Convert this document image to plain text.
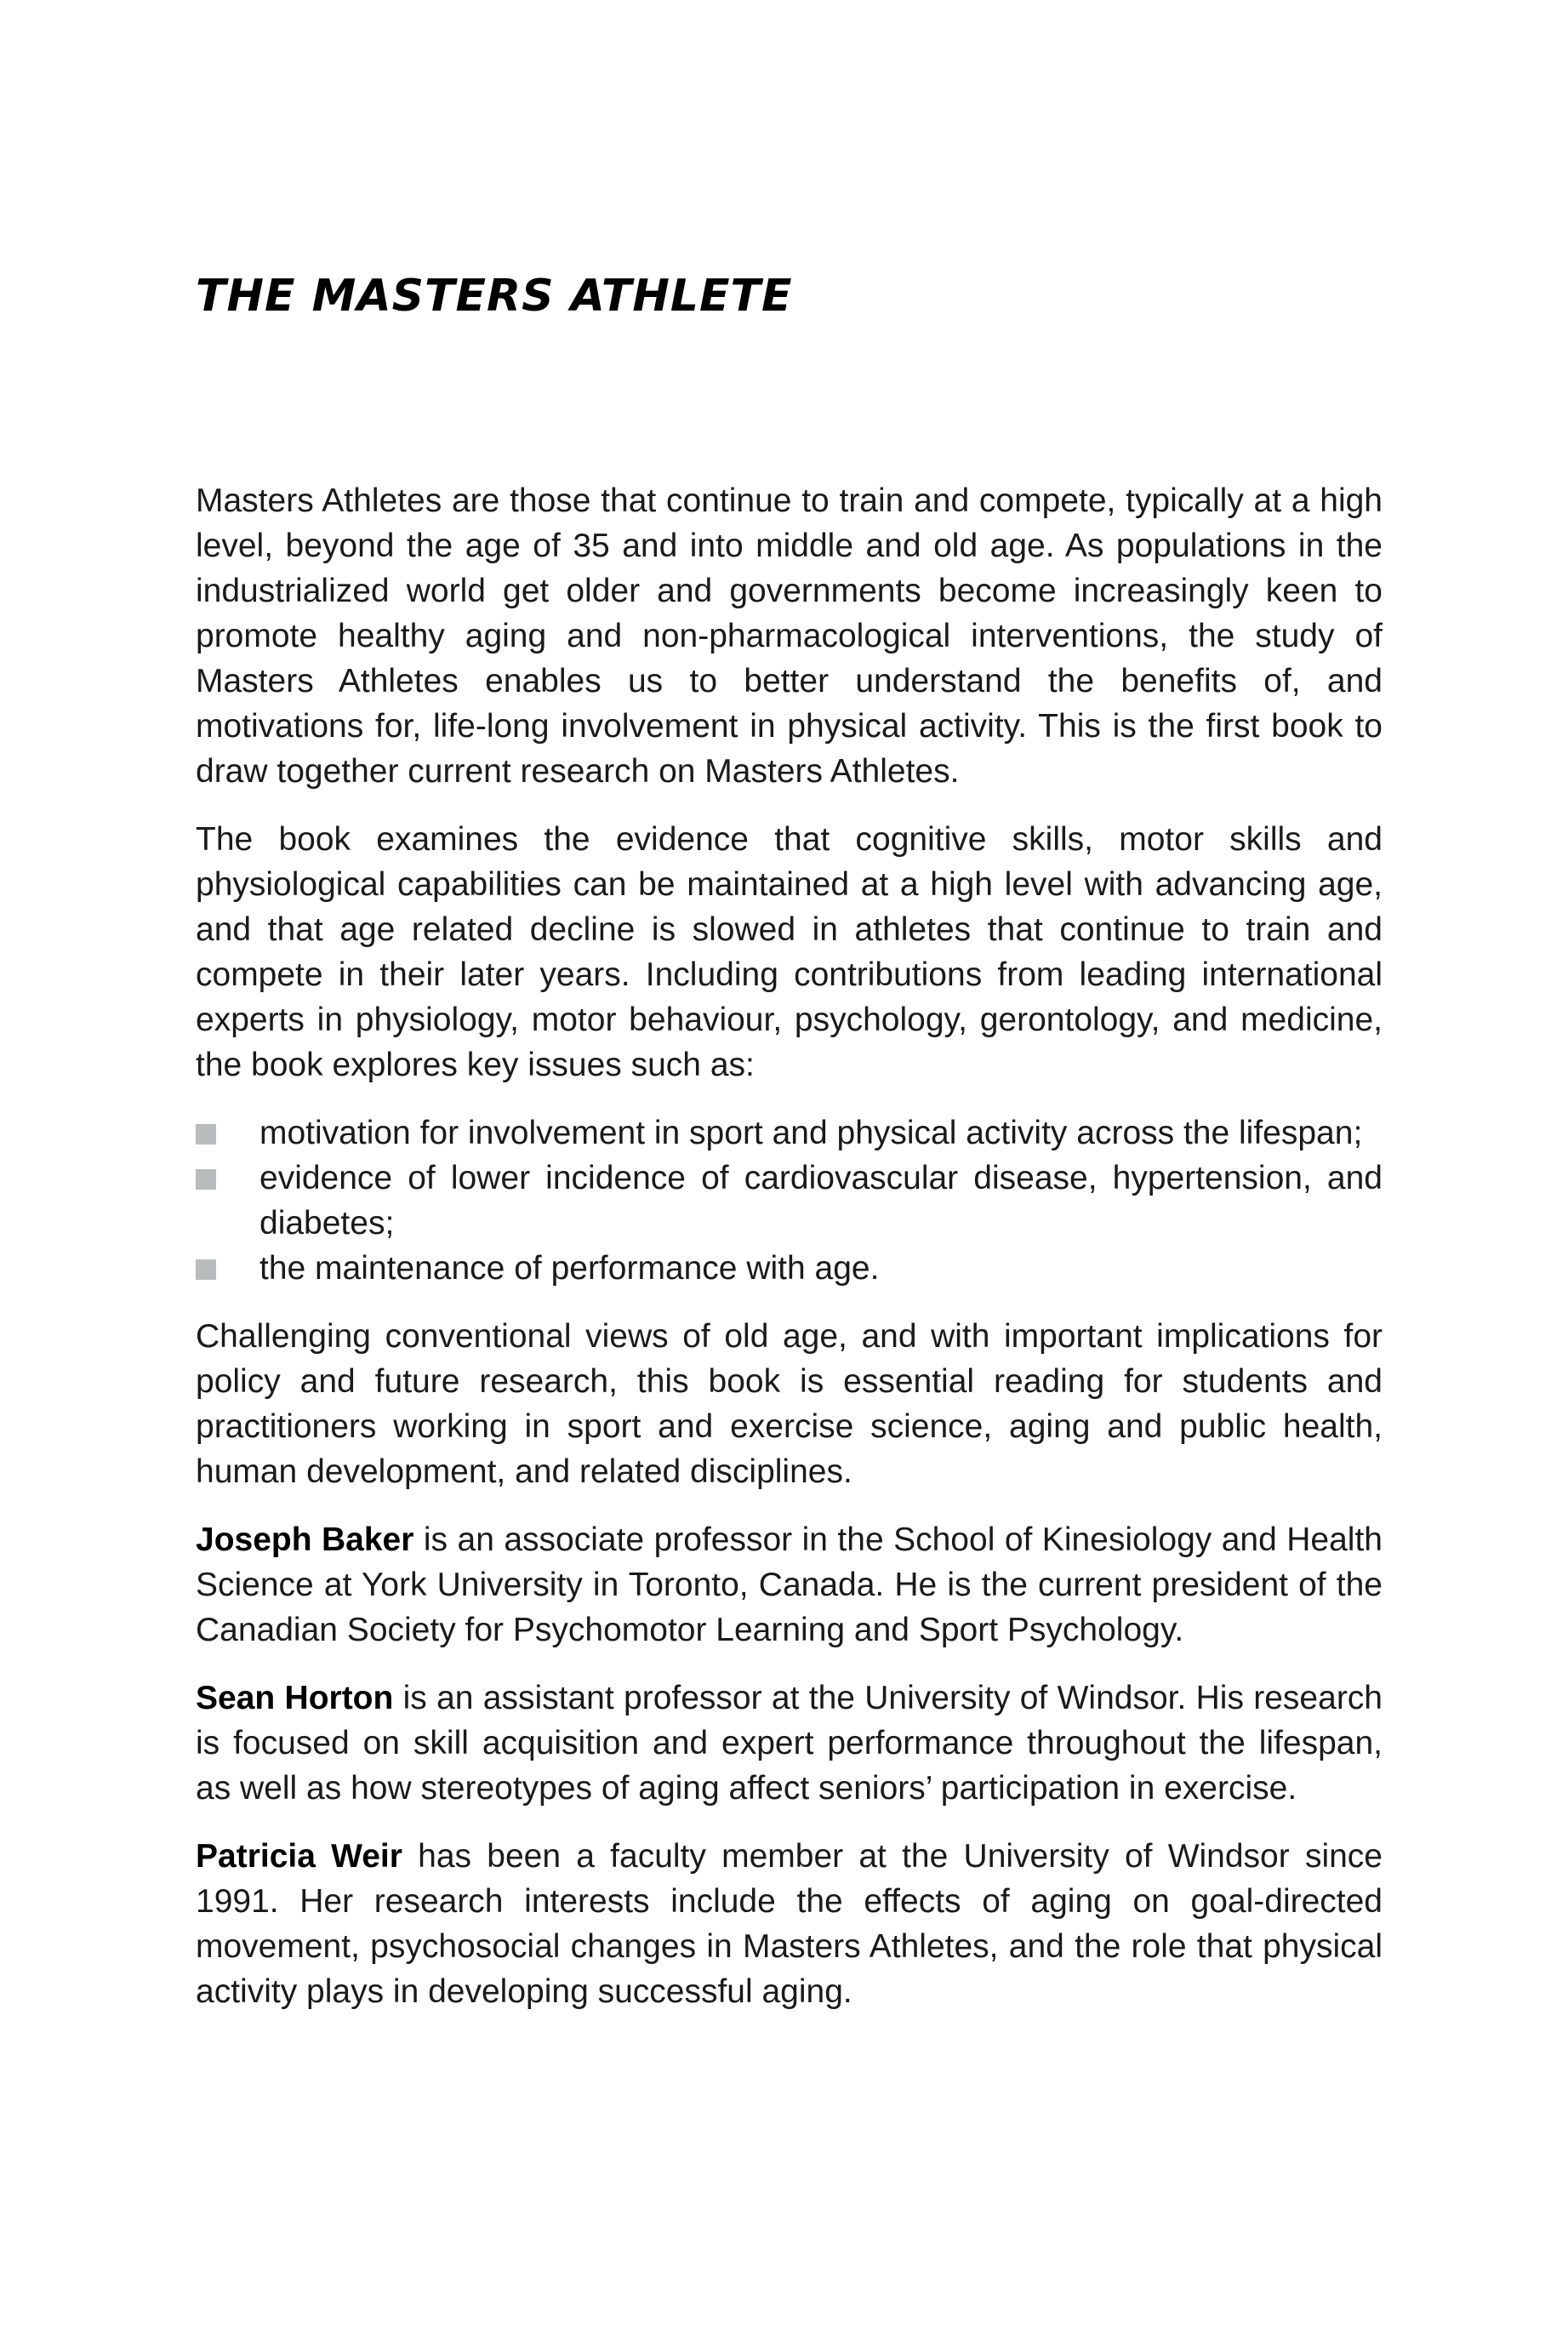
THE MASTERS ATHLETE

Masters Athletes are those that continue to train and compete, typically at a high level, beyond the age of 35 and into middle and old age. As populations in the industrialized world get older and governments become increasingly keen to promote healthy aging and non-pharmacological interventions, the study of Masters Athletes enables us to better understand the benefits of, and motivations for, life-long involvement in physical activity. This is the first book to draw together current research on Masters Athletes.

The book examines the evidence that cognitive skills, motor skills and physiological capabilities can be maintained at a high level with advancing age, and that age related decline is slowed in athletes that continue to train and compete in their later years. Including contributions from leading international experts in physiology, motor behaviour, psychology, gerontology, and medicine, the book explores key issues such as:

motivation for involvement in sport and physical activity across the lifespan;
evidence of lower incidence of cardiovascular disease, hypertension, and diabetes;
the maintenance of performance with age.

Challenging conventional views of old age, and with important implications for policy and future research, this book is essential reading for students and practitioners working in sport and exercise science, aging and public health, human development, and related disciplines.

Joseph Baker is an associate professor in the School of Kinesiology and Health Science at York University in Toronto, Canada. He is the current president of the Canadian Society for Psychomotor Learning and Sport Psychology.

Sean Horton is an assistant professor at the University of Windsor. His research is focused on skill acquisition and expert performance throughout the lifespan, as well as how stereotypes of aging affect seniors’ participation in exercise.

Patricia Weir has been a faculty member at the University of Windsor since 1991. Her research interests include the effects of aging on goal-directed movement, psychosocial changes in Masters Athletes, and the role that physical activity plays in developing successful aging.
